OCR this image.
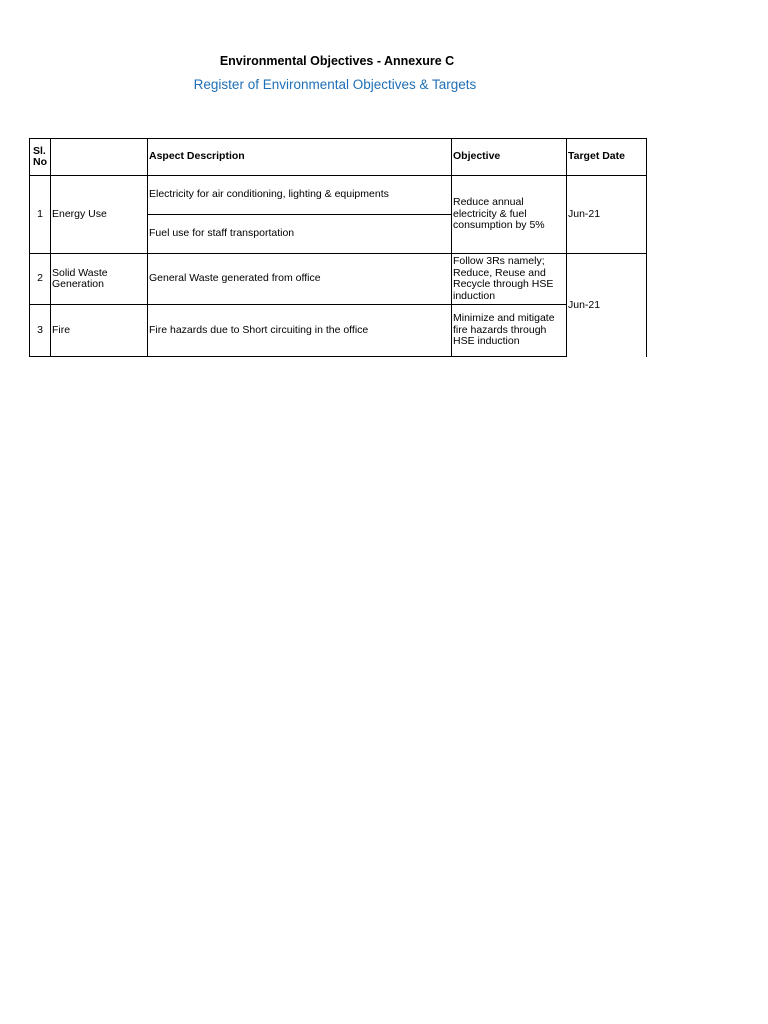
Environmental Objectives - Annexure C
Register of Environmental Objectives & Targets
Sl. No		Aspect Description	Objective	Target Date
1	Energy Use	Electricity for air conditioning, lighting & equipments	Reduce annual electricity & fuel consumption by 5%	Jun-21
		Fuel use for staff transportation		
2	Solid Waste Generation	General Waste generated from office	Follow 3Rs namely; Reduce, Reuse and Recycle through HSE induction	Jun-21
3	Fire	Fire hazards due to Short circuiting in the office	Minimize and mitigate fire hazards through HSE induction	
